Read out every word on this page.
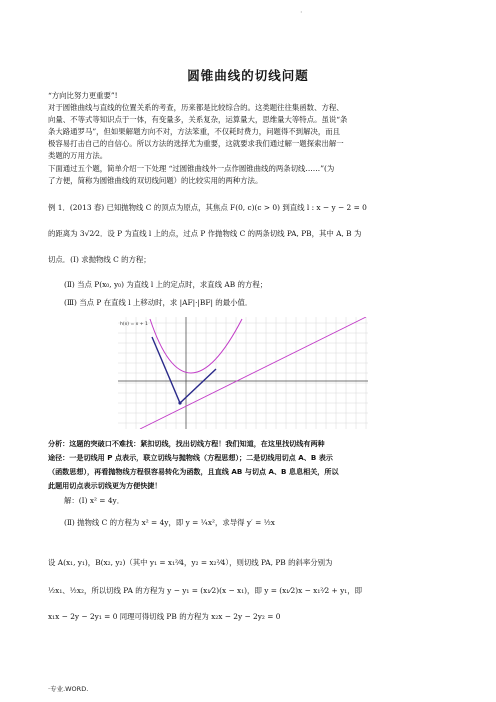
·
圆锥曲线的切线问题
“方向比努力更重要”!
对于圆锥曲线与直线的位置关系的考查，历来都是比较综合的。这类题往往集函数、方程、
向量、不等式等知识点于一体，有变量多，关系复杂，运算量大，思维量大等特点。虽说“条
条大路通罗马”，但如果解题方向不对，方法笨重，不仅耗时费力，问题得不到解决，而且
极容易打击自己的自信心。所以方法的选择尤为重要，这就要求我们通过解一题探索出解一
类题的万用方法。
下面通过五个题，简单介绍一下处理 “过圆锥曲线外一点作圆锥曲线的两条切线……”(为
了方便，简称为圆锥曲线的双切线问题）的比较实用的两种方法。
例 1．(2013 春) 已知抛物线 C 的顶点为原点，其焦点 F(0, c)(c > 0) 到直线 l : x − y − 2 = 0
的距离为 3√2⁄2．设 P 为直线 l 上的点，过点 P 作抛物线 C 的两条切线 PA, PB，其中 A, B 为
切点．(Ⅰ) 求抛物线 C 的方程；
(Ⅱ) 当点 P(x₀, y₀) 为直线 l 上的定点时，求直线 AB 的方程；
(Ⅲ) 当点 P 在直线 l 上移动时，求 |AF|·|BF| 的最小值．
h(x) = x + 1
分析：这题的突破口不难找：紧扣切线，找出切线方程！我们知道，在这里找切线有两种
途径：一是切线用 P 点表示，联立切线与抛物线（方程思想）；二是切线用切点 A、B 表示
（函数思想），再看抛物线方程很容易转化为函数，且直线 AB 与切点 A、B 息息相关，所以
此题用切点表示切线更为方便快捷！
解：(Ⅰ) x² = 4y．
(Ⅱ) 抛物线 C 的方程为 x² = 4y，即 y = ¼x²，求导得 y′ = ½x
设 A(x₁, y₁)，B(x₂, y₂)（其中 y₁ = x₁²⁄4，y₂ = x₂²⁄4），则切线 PA, PB 的斜率分别为
½x₁、½x₂，所以切线 PA 的方程为 y − y₁ = (x₁⁄2)(x − x₁)，即 y = (x₁⁄2)x − x₁²⁄2 + y₁，即
x₁x − 2y − 2y₁ = 0 同理可得切线 PB 的方程为 x₂x − 2y − 2y₂ = 0
·专业.WORD.
